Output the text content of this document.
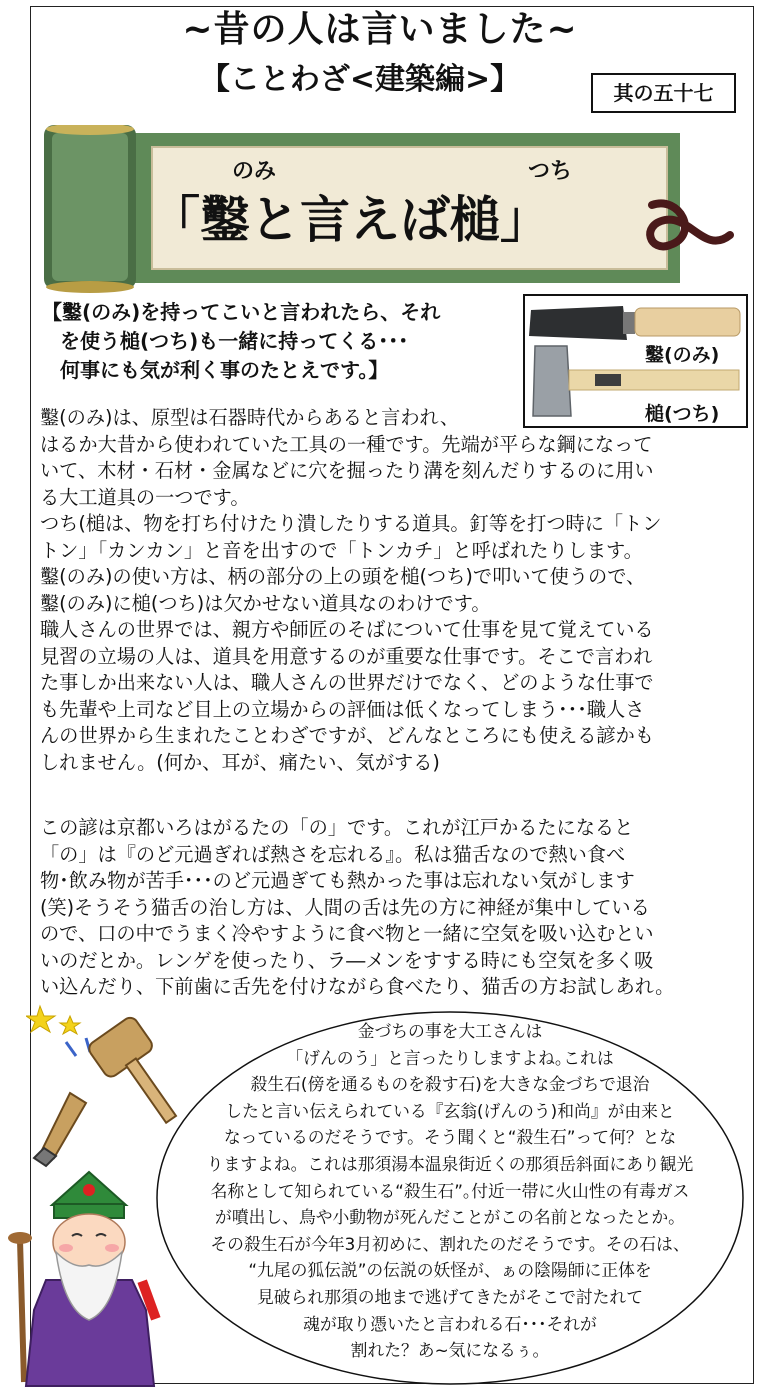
~昔の人は言いました~
【ことわざ<建築編>】	其の五十七
のみ	つち
「鑿と言えば槌」
【鑿(のみ)を持ってこいと言われたら、それ
を使う槌(つち)も一緒に持ってくる･･･
何事にも気が利く事のたとえです。】
鑿(のみ)
槌(つち)
鑿(のみ)は、原型は石器時代からあると言われ、
はるか大昔から使われていた工具の一種です。先端が平らな鋼になって
いて、木材・石材・金属などに穴を掘ったり溝を刻んだりするのに用い
る大工道具の一つです。
つち(槌は、物を打ち付けたり潰したりする道具。釘等を打つ時に「トン
トン」「カンカン」と音を出すので「トンカチ」と呼ばれたりします。
鑿(のみ)の使い方は、柄の部分の上の頭を槌(つち)で叩いて使うので、
鑿(のみ)に槌(つち)は欠かせない道具なのわけです。
職人さんの世界では、親方や師匠のそばについて仕事を見て覚えている
見習の立場の人は、道具を用意するのが重要な仕事です。そこで言われ
た事しか出来ない人は、職人さんの世界だけでなく、どのような仕事で
も先輩や上司など目上の立場からの評価は低くなってしまう･･･職人さ
んの世界から生まれたことわざですが、どんなところにも使える諺かも
しれません。(何か、耳が、痛たい、気がする)
この諺は京都いろはがるたの「の」です。これが江戸かるたになると
「の」は『のど元過ぎれば熱さを忘れる』。私は猫舌なので熱い食べ
物･飲み物が苦手･･･のど元過ぎても熱かった事は忘れない気がします
(笑)そうそう猫舌の治し方は、人間の舌は先の方に神経が集中している
ので、口の中でうまく冷やすように食べ物と一緒に空気を吸い込むとい
いのだとか。レンゲを使ったり、ラ―メンをすする時にも空気を多く吸
い込んだり、下前歯に舌先を付けながら食べたり、猫舌の方お試しあれ。
金づちの事を大工さんは
「げんのう」と言ったりしますよね｡これは
殺生石(傍を通るものを殺す石)を大きな金づちで退治
したと言い伝えられている『玄翁(げんのう)和尚』が由来と
なっているのだそうです。そう聞くと“殺生石”って何？とな
りますよね。これは那須湯本温泉街近くの那須岳斜面にあり観光
名称として知られている“殺生石”｡付近一帯に火山性の有毒ガス
が噴出し、鳥や小動物が死んだことがこの名前となったとか。
その殺生石が今年3月初めに、割れたのだそうです。その石は、
“九尾の狐伝説”の伝説の妖怪が、ぁの陰陽師に正体を
見破られ那須の地まで逃げてきたがそこで討たれて
魂が取り憑いたと言われる石･･･それが
割れた？あ~気になるぅ。
